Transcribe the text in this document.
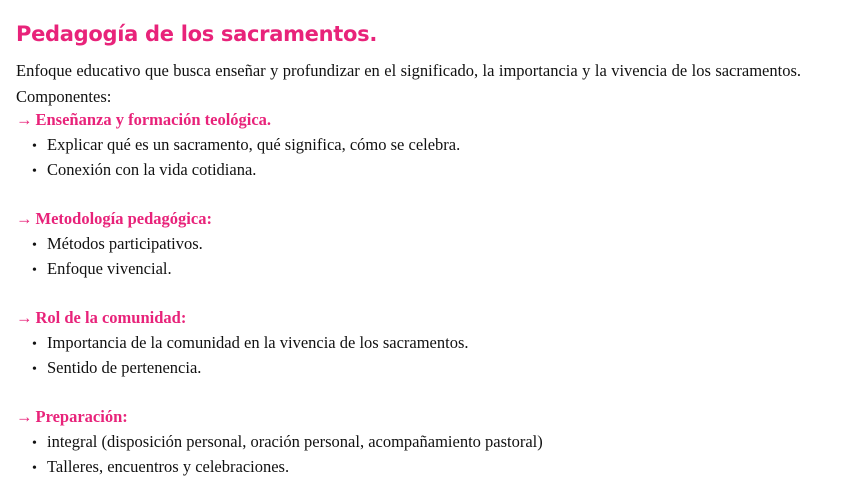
Pedagogía de los sacramentos.
Enfoque educativo que busca enseñar y profundizar en el significado, la importancia y la vivencia de los sacramentos. Componentes:
→ Enseñanza y formación teológica.
• Explicar qué es un sacramento, qué significa, cómo se celebra.
• Conexión con la vida cotidiana.
→ Metodología pedagógica:
• Métodos participativos.
• Enfoque vivencial.
→ Rol de la comunidad:
• Importancia de la comunidad en la vivencia de los sacramentos.
• Sentido de pertenencia.
→ Preparación:
• integral (disposición personal, oración personal, acompañamiento pastoral)
• Talleres, encuentros y celebraciones.
